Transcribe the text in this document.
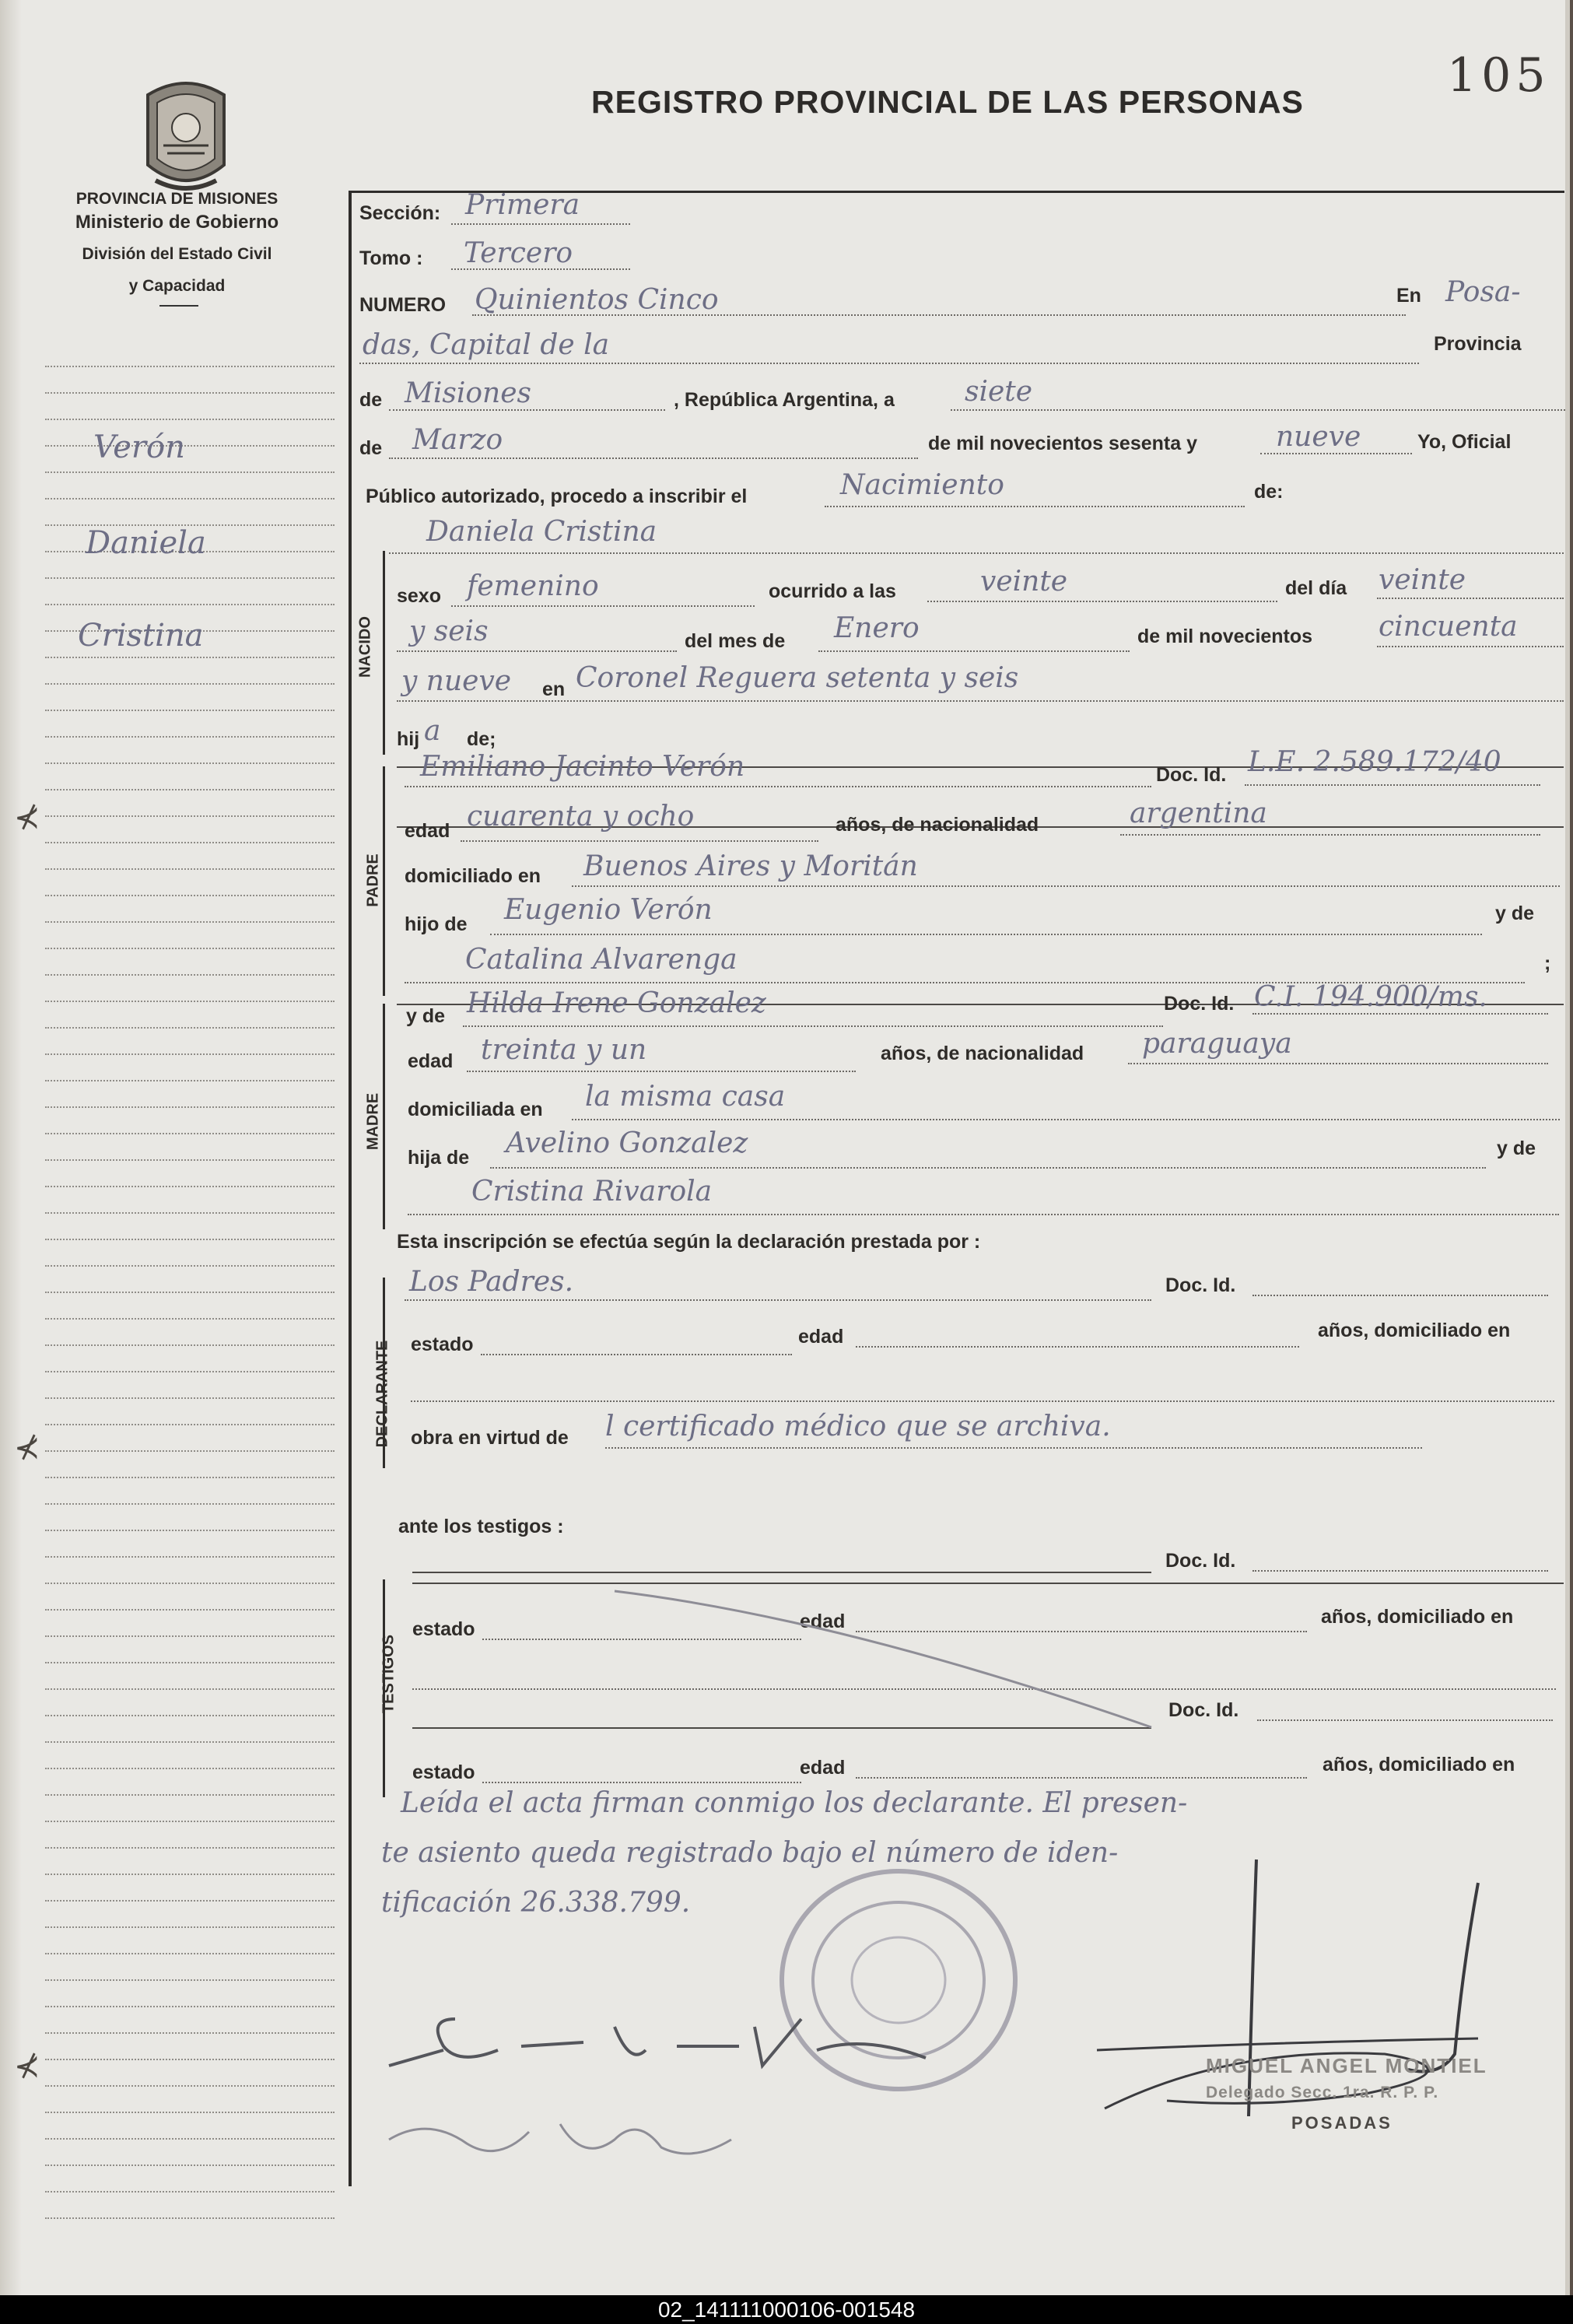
⊀
⊀
⊀
105
REGISTRO PROVINCIAL DE LAS PERSONAS
PROVINCIA DE MISIONES
Ministerio de Gobierno
División del Estado Civil
y Capacidad
Verón
Daniela
Cristina
Sección: Primera
Tomo : Tercero
NUMERO Quinientos Cinco	En Posa-
das, Capital de la	Provincia
de Misiones	, República Argentina, a	siete
de Marzo	de mil novecientos sesenta y	nueve	Yo, Oficial
Público autorizado, procedo a inscribir el	Nacimiento	de:
Daniela Cristina
NACIDO
sexo femenino	ocurrido a las	veinte	del día veinte
y seis	del mes de Enero	de mil novecientos cincuenta
y nueve en Coronel Reguera setenta y seis
hij a de;
PADRE
Emiliano Jacinto Verón	Doc. Id. L.E. 2.589.172/40
edad cuarenta y ocho	años, de nacionalidad	argentina
domiciliado en Buenos Aires y Moritán
hijo de Eugenio Verón	y de
Catalina Alvarenga	;
MADRE
y de Hilda Irene Gonzalez	Doc. Id. C.I. 194.900/ms.
edad treinta y un	años, de nacionalidad paraguaya
domiciliada en la misma casa
hija de Avelino Gonzalez	y de
Cristina Rivarola
Esta inscripción se efectúa según la declaración prestada por :
DECLARANTE
Los Padres.	Doc. Id.
estado	edad	años, domiciliado en
obra en virtud de l certificado médico que se archiva.
ante los testigos :
TESTIGOS
Doc. Id.
estado	edad	años, domiciliado en
Doc. Id.
estado	edad	años, domiciliado en
Leída el acta firman conmigo los declarante. El presen-
te asiento queda registrado bajo el número de iden-
tificación 26.338.799.
MIGUEL ANGEL MONTIEL
Delegado Secc. 1ra. R. P. P.
POSADAS
02_141111000106-001548
